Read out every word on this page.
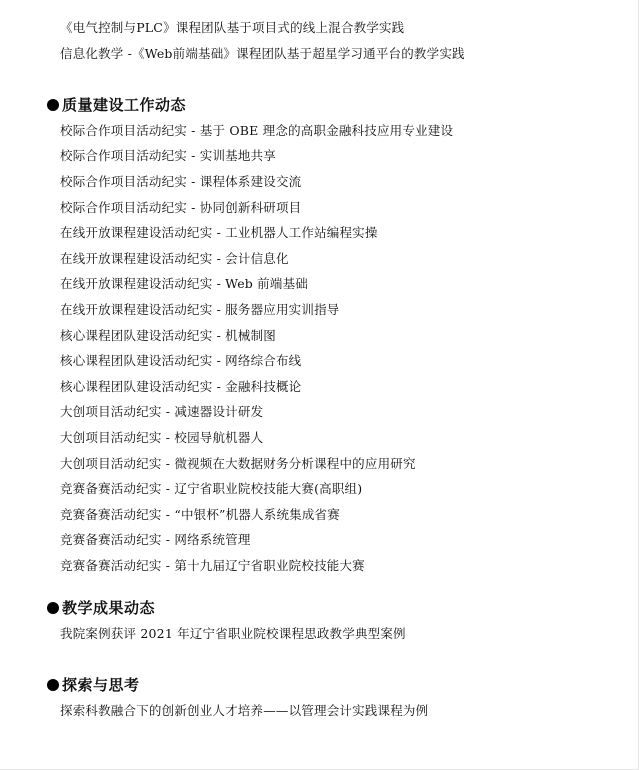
《电气控制与PLC》课程团队基于项目式的线上混合教学实践
信息化教学 -《Web前端基础》课程团队基于超星学习通平台的教学实践
质量建设工作动态
校际合作项目活动纪实 - 基于 OBE 理念的高职金融科技应用专业建设
校际合作项目活动纪实 - 实训基地共享
校际合作项目活动纪实 - 课程体系建设交流
校际合作项目活动纪实 - 协同创新科研项目
在线开放课程建设活动纪实 - 工业机器人工作站编程实操
在线开放课程建设活动纪实 - 会计信息化
在线开放课程建设活动纪实 - Web 前端基础
在线开放课程建设活动纪实 - 服务器应用实训指导
核心课程团队建设活动纪实 - 机械制图
核心课程团队建设活动纪实 - 网络综合布线
核心课程团队建设活动纪实 - 金融科技概论
大创项目活动纪实 - 减速器设计研发
大创项目活动纪实 - 校园导航机器人
大创项目活动纪实 - 微视频在大数据财务分析课程中的应用研究
竞赛备赛活动纪实 - 辽宁省职业院校技能大赛(高职组)
竞赛备赛活动纪实 - “中银杯”机器人系统集成省赛
竞赛备赛活动纪实 - 网络系统管理
竞赛备赛活动纪实 - 第十九届辽宁省职业院校技能大赛
教学成果动态
我院案例获评 2021 年辽宁省职业院校课程思政教学典型案例
探索与思考
探索科教融合下的创新创业人才培养——以管理会计实践课程为例
